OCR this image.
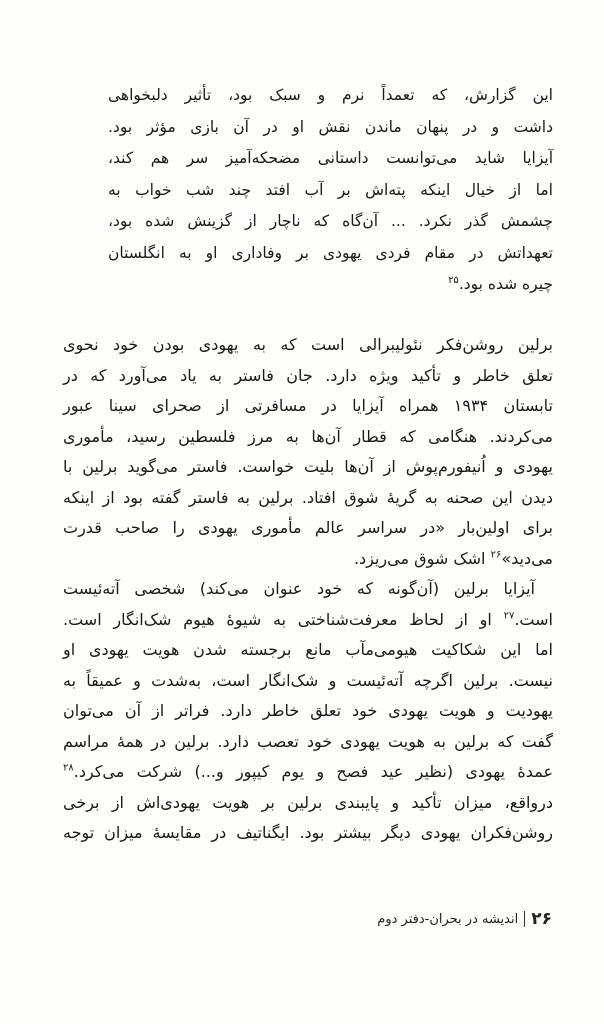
این گزارش، که تعمداً نرم و سبک بود، تأثیر دلبخواهی
داشت و در پنهان ماندن نقش او در آن بازی مؤثر بود.
آیزایا شاید می‌توانست داستانی مضحکه‌آمیز سر هم کند،
اما از خیال اینکه پته‌اش بر آب افتد چند شب خواب به
چشمش گذر نکرد. ... آن‌گاه که ناچار از گزینش شده بود،
تعهداتش در مقام فردی یهودی بر وفاداری او به انگلستان
چیره شده بود.$^{۲۵}$
برلین روشن‌فکر نئولیبرالی است که به یهودی بودن خود نحوی
تعلق خاطر و تأکید ویژه دارد. جان فاستر به یاد می‌آورد که در
تابستان ۱۹۳۴ همراه آیزایا در مسافرتی از صحرای سینا عبور
می‌کردند. هنگامی که قطار آن‌ها به مرز فلسطین رسید، مأموری
یهودی و اُنیفورم‌پوش از آن‌ها بلیت خواست. فاستر می‌گوید برلین با
دیدن این صحنه به گریهٔ شوق افتاد. برلین به فاستر گفته بود از اینکه
برای اولین‌بار «در سراسر عالم مأموری یهودی را صاحب قدرت
می‌دید»$^{۲۶}$ اشک شوق می‌ریزد.
آیزایا برلین (آن‌گونه که خود عنوان می‌کند) شخصی آته‌ئیست
است.$^{۲۷}$ او از لحاظ معرفت‌شناختی به شیوهٔ هیوم شک‌انگار است.
اما این شکاکیت هیومی‌مآب مانع برجسته شدن هویت یهودی او
نیست. برلین اگرچه آته‌ئیست و شک‌انگار است، به‌شدت و عمیقاً به
یهودیت و هویت یهودی خود تعلق خاطر دارد. فراتر از آن می‌توان
گفت که برلین به هویت یهودی خود تعصب دارد. برلین در همهٔ مراسم
عمدهٔ یهودی (نظیر عید فصح و یوم کیپور و...) شرکت می‌کرد.$^{۲۸}$
درواقع، میزان تأکید و پایبندی برلین بر هویت یهودی‌اش از برخی
روشن‌فکران یهودی دیگر بیشتر بود. ایگناتیف در مقایسهٔ میزان توجه
۲۶
اندیشه در بحران-دفتر دوم
